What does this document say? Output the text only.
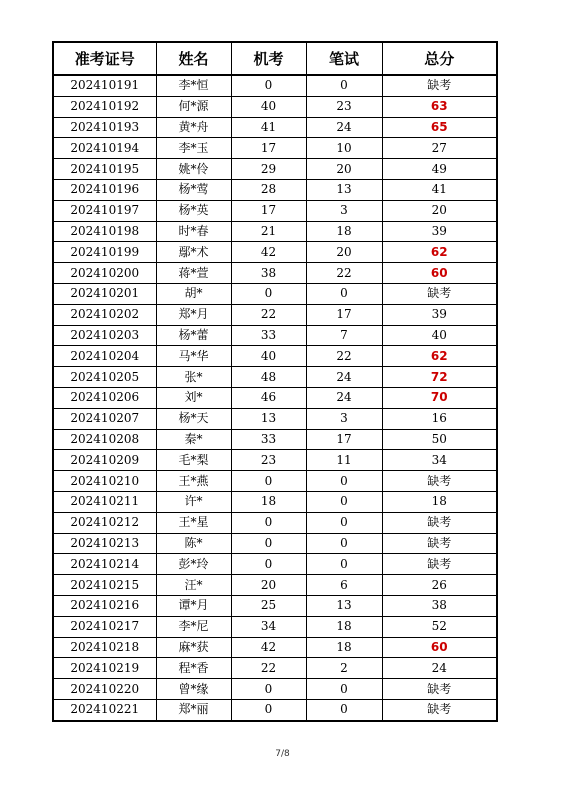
准考证号	姓名	机考	笔试	总分
202410191	李*恒	0	0	缺考
202410192	何*源	40	23	63
202410193	黄*舟	41	24	65
202410194	李*玉	17	10	27
202410195	姚*伶	29	20	49
202410196	杨*莺	28	13	41
202410197	杨*英	17	3	20
202410198	时*春	21	18	39
202410199	鄢*术	42	20	62
202410200	蒋*萱	38	22	60
202410201	胡*	0	0	缺考
202410202	郑*月	22	17	39
202410203	杨*蕾	33	7	40
202410204	马*华	40	22	62
202410205	张*	48	24	72
202410206	刘*	46	24	70
202410207	杨*天	13	3	16
202410208	秦*	33	17	50
202410209	毛*梨	23	11	34
202410210	王*燕	0	0	缺考
202410211	许*	18	0	18
202410212	王*星	0	0	缺考
202410213	陈*	0	0	缺考
202410214	彭*玲	0	0	缺考
202410215	汪*	20	6	26
202410216	谭*月	25	13	38
202410217	李*尼	34	18	52
202410218	麻*获	42	18	60
202410219	程*香	22	2	24
202410220	曾*缘	0	0	缺考
202410221	郑*丽	0	0	缺考
7/8
